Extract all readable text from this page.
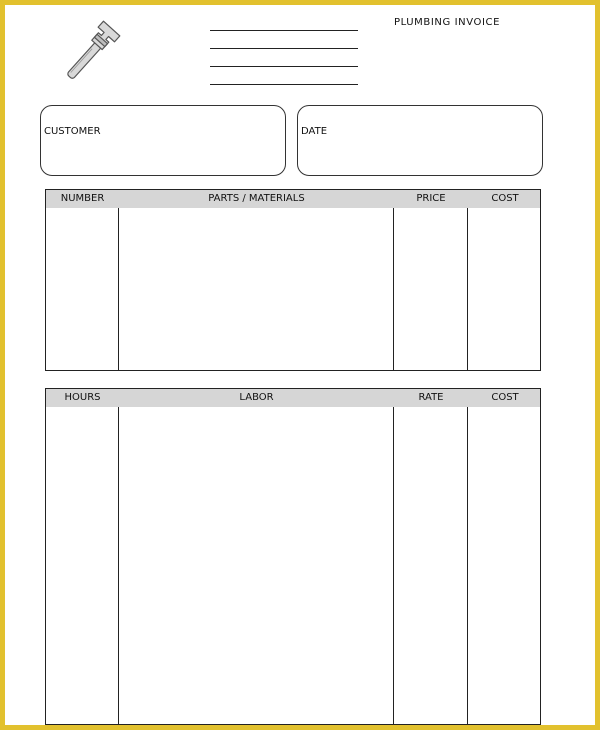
PLUMBING INVOICE
CUSTOMER	DATE
NUMBER	PARTS / MATERIALS	PRICE	COST
HOURS	LABOR	RATE	COST
